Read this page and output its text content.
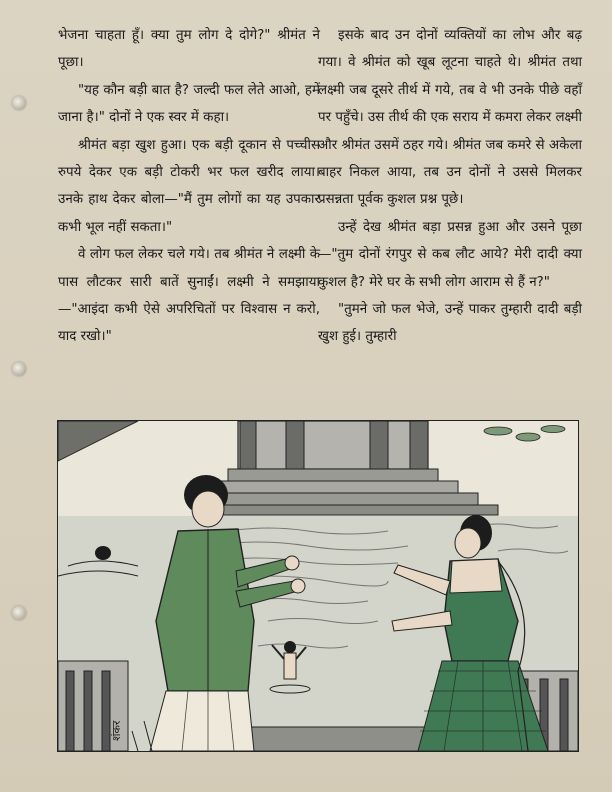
भेजना चाहता हूँ। क्या तुम लोग दे दोगे?" श्रीमंत ने पूछा।

"यह कौन बड़ी बात है? जल्दी फल लेते आओ, हमें जाना है।" दोनों ने एक स्वर में कहा।

श्रीमंत बड़ा खुश हुआ। एक बड़ी दूकान से पच्चीस रुपये देकर एक बड़ी टोकरी भर फल खरीद लाया। उनके हाथ देकर बोला—"मैं तुम लोगों का यह उपकार कभी भूल नहीं सकता।"

वे लोग फल लेकर चले गये। तब श्रीमंत ने लक्ष्मी के पास लौटकर सारी बातें सुनाईं। लक्ष्मी ने समझाया—"आइंदा कभी ऐसे अपरिचितों पर विश्वास न करो, याद रखो।"

इसके बाद उन दोनों व्यक्तियों का लोभ और बढ़ गया। वे श्रीमंत को खूब लूटना चाहते थे। श्रीमंत तथा लक्ष्मी जब दूसरे तीर्थ में गये, तब वे भी उनके पीछे वहाँ पर पहुँचे। उस तीर्थ की एक सराय में कमरा लेकर लक्ष्मी और श्रीमंत उसमें ठहर गये। श्रीमंत जब कमरे से अकेला बाहर निकल आया, तब उन दोनों ने उससे मिलकर प्रसन्नता पूर्वक कुशल प्रश्न पूछे।

उन्हें देख श्रीमंत बड़ा प्रसन्न हुआ और उसने पूछा—"तुम दोनों रंगपुर से कब लौट आये? मेरी दादी क्या कुशल है? मेरे घर के सभी लोग आराम से हैं न?"

"तुमने जो फल भेजे, उन्हें पाकर तुम्हारी दादी बड़ी खुश हुई। तुम्हारी

शंकर
